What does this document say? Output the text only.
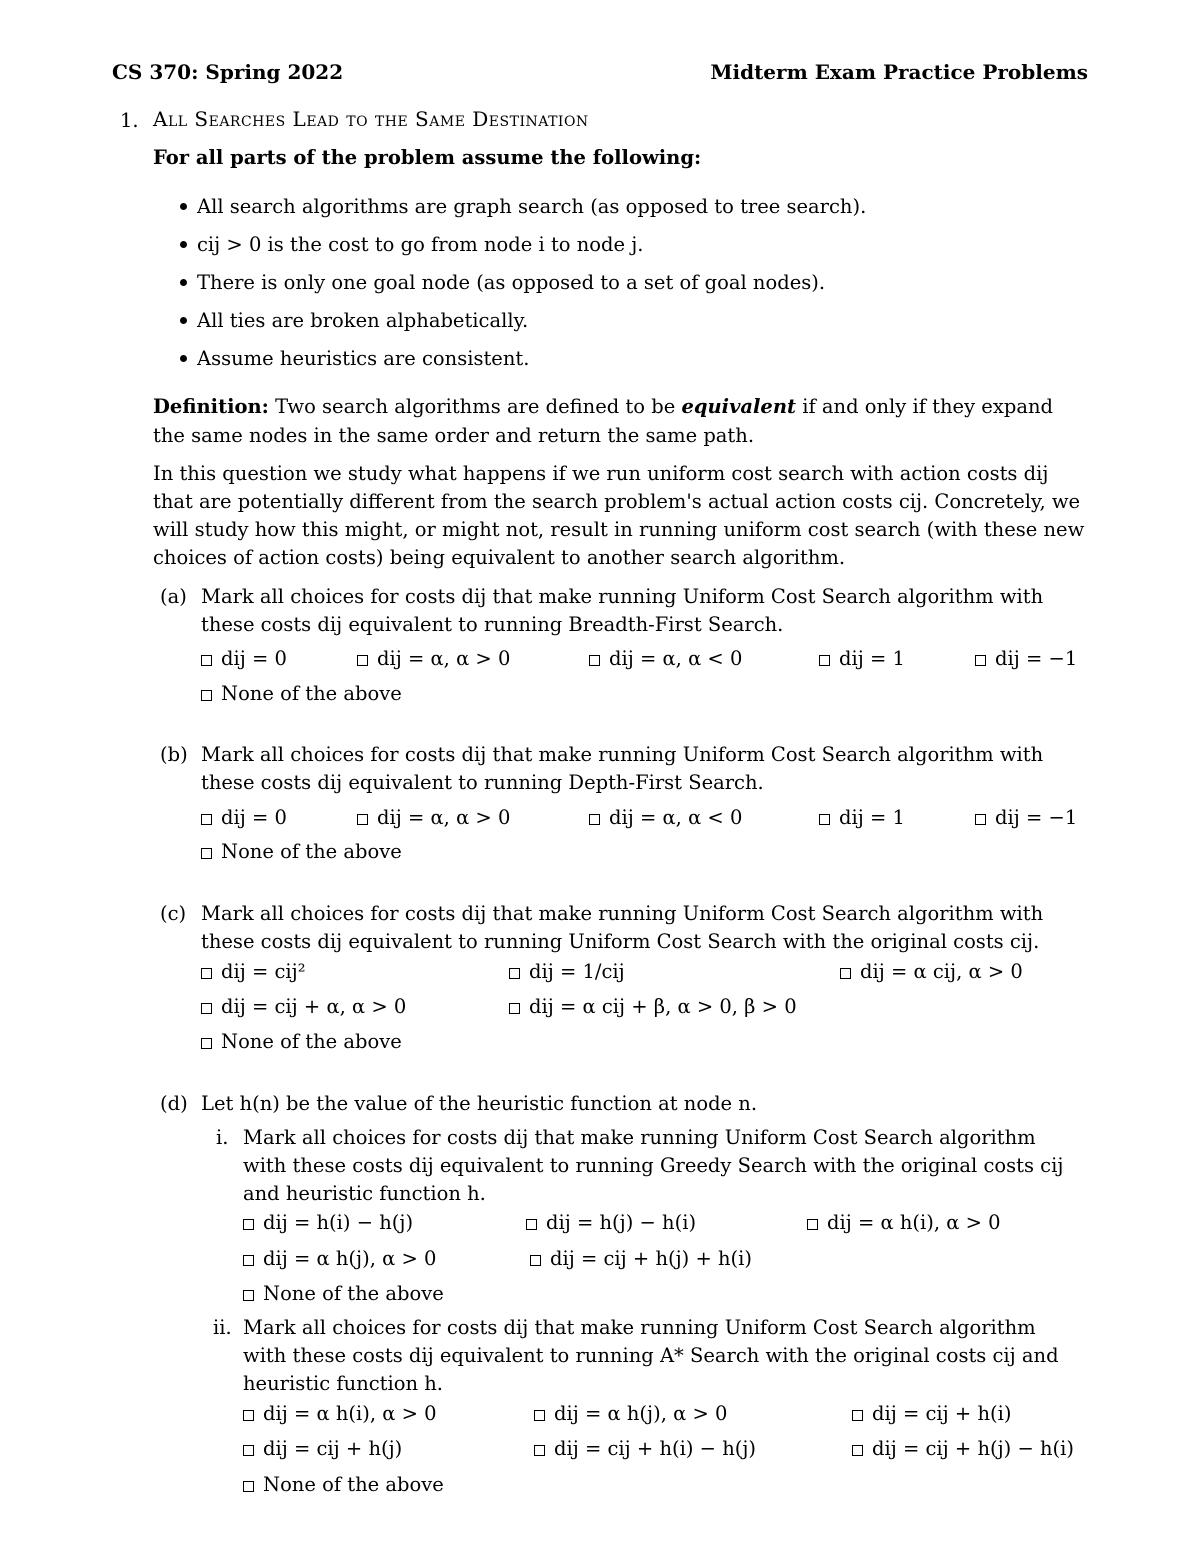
CS 370: Spring 2022	Midterm Exam Practice Problems
1. All Searches Lead to the Same Destination
For all parts of the problem assume the following:
All search algorithms are graph search (as opposed to tree search).
cij > 0 is the cost to go from node i to node j.
There is only one goal node (as opposed to a set of goal nodes).
All ties are broken alphabetically.
Assume heuristics are consistent.
Definition: Two search algorithms are defined to be equivalent if and only if they expand
the same nodes in the same order and return the same path.
In this question we study what happens if we run uniform cost search with action costs dij
that are potentially different from the search problem's actual action costs cij. Concretely, we
will study how this might, or might not, result in running uniform cost search (with these new
choices of action costs) being equivalent to another search algorithm.
(a) Mark all choices for costs dij that make running Uniform Cost Search algorithm with
these costs dij equivalent to running Breadth-First Search.
dij = 0	dij = α, α > 0	dij = α, α < 0	dij = 1	dij = −1
None of the above
(b) Mark all choices for costs dij that make running Uniform Cost Search algorithm with
these costs dij equivalent to running Depth-First Search.
dij = 0	dij = α, α > 0	dij = α, α < 0	dij = 1	dij = −1
None of the above
(c) Mark all choices for costs dij that make running Uniform Cost Search algorithm with
these costs dij equivalent to running Uniform Cost Search with the original costs cij.
dij = cij²	dij = 1/cij	dij = α cij, α > 0
dij = cij + α, α > 0	dij = α cij + β, α > 0, β > 0
None of the above
(d) Let h(n) be the value of the heuristic function at node n.
i. Mark all choices for costs dij that make running Uniform Cost Search algorithm
with these costs dij equivalent to running Greedy Search with the original costs cij
and heuristic function h.
dij = h(i) − h(j)	dij = h(j) − h(i)	dij = α h(i), α > 0
dij = α h(j), α > 0	dij = cij + h(j) + h(i)
None of the above
ii. Mark all choices for costs dij that make running Uniform Cost Search algorithm
with these costs dij equivalent to running A* Search with the original costs cij and
heuristic function h.
dij = α h(i), α > 0	dij = α h(j), α > 0	dij = cij + h(i)
dij = cij + h(j)	dij = cij + h(i) − h(j)	dij = cij + h(j) − h(i)
None of the above
